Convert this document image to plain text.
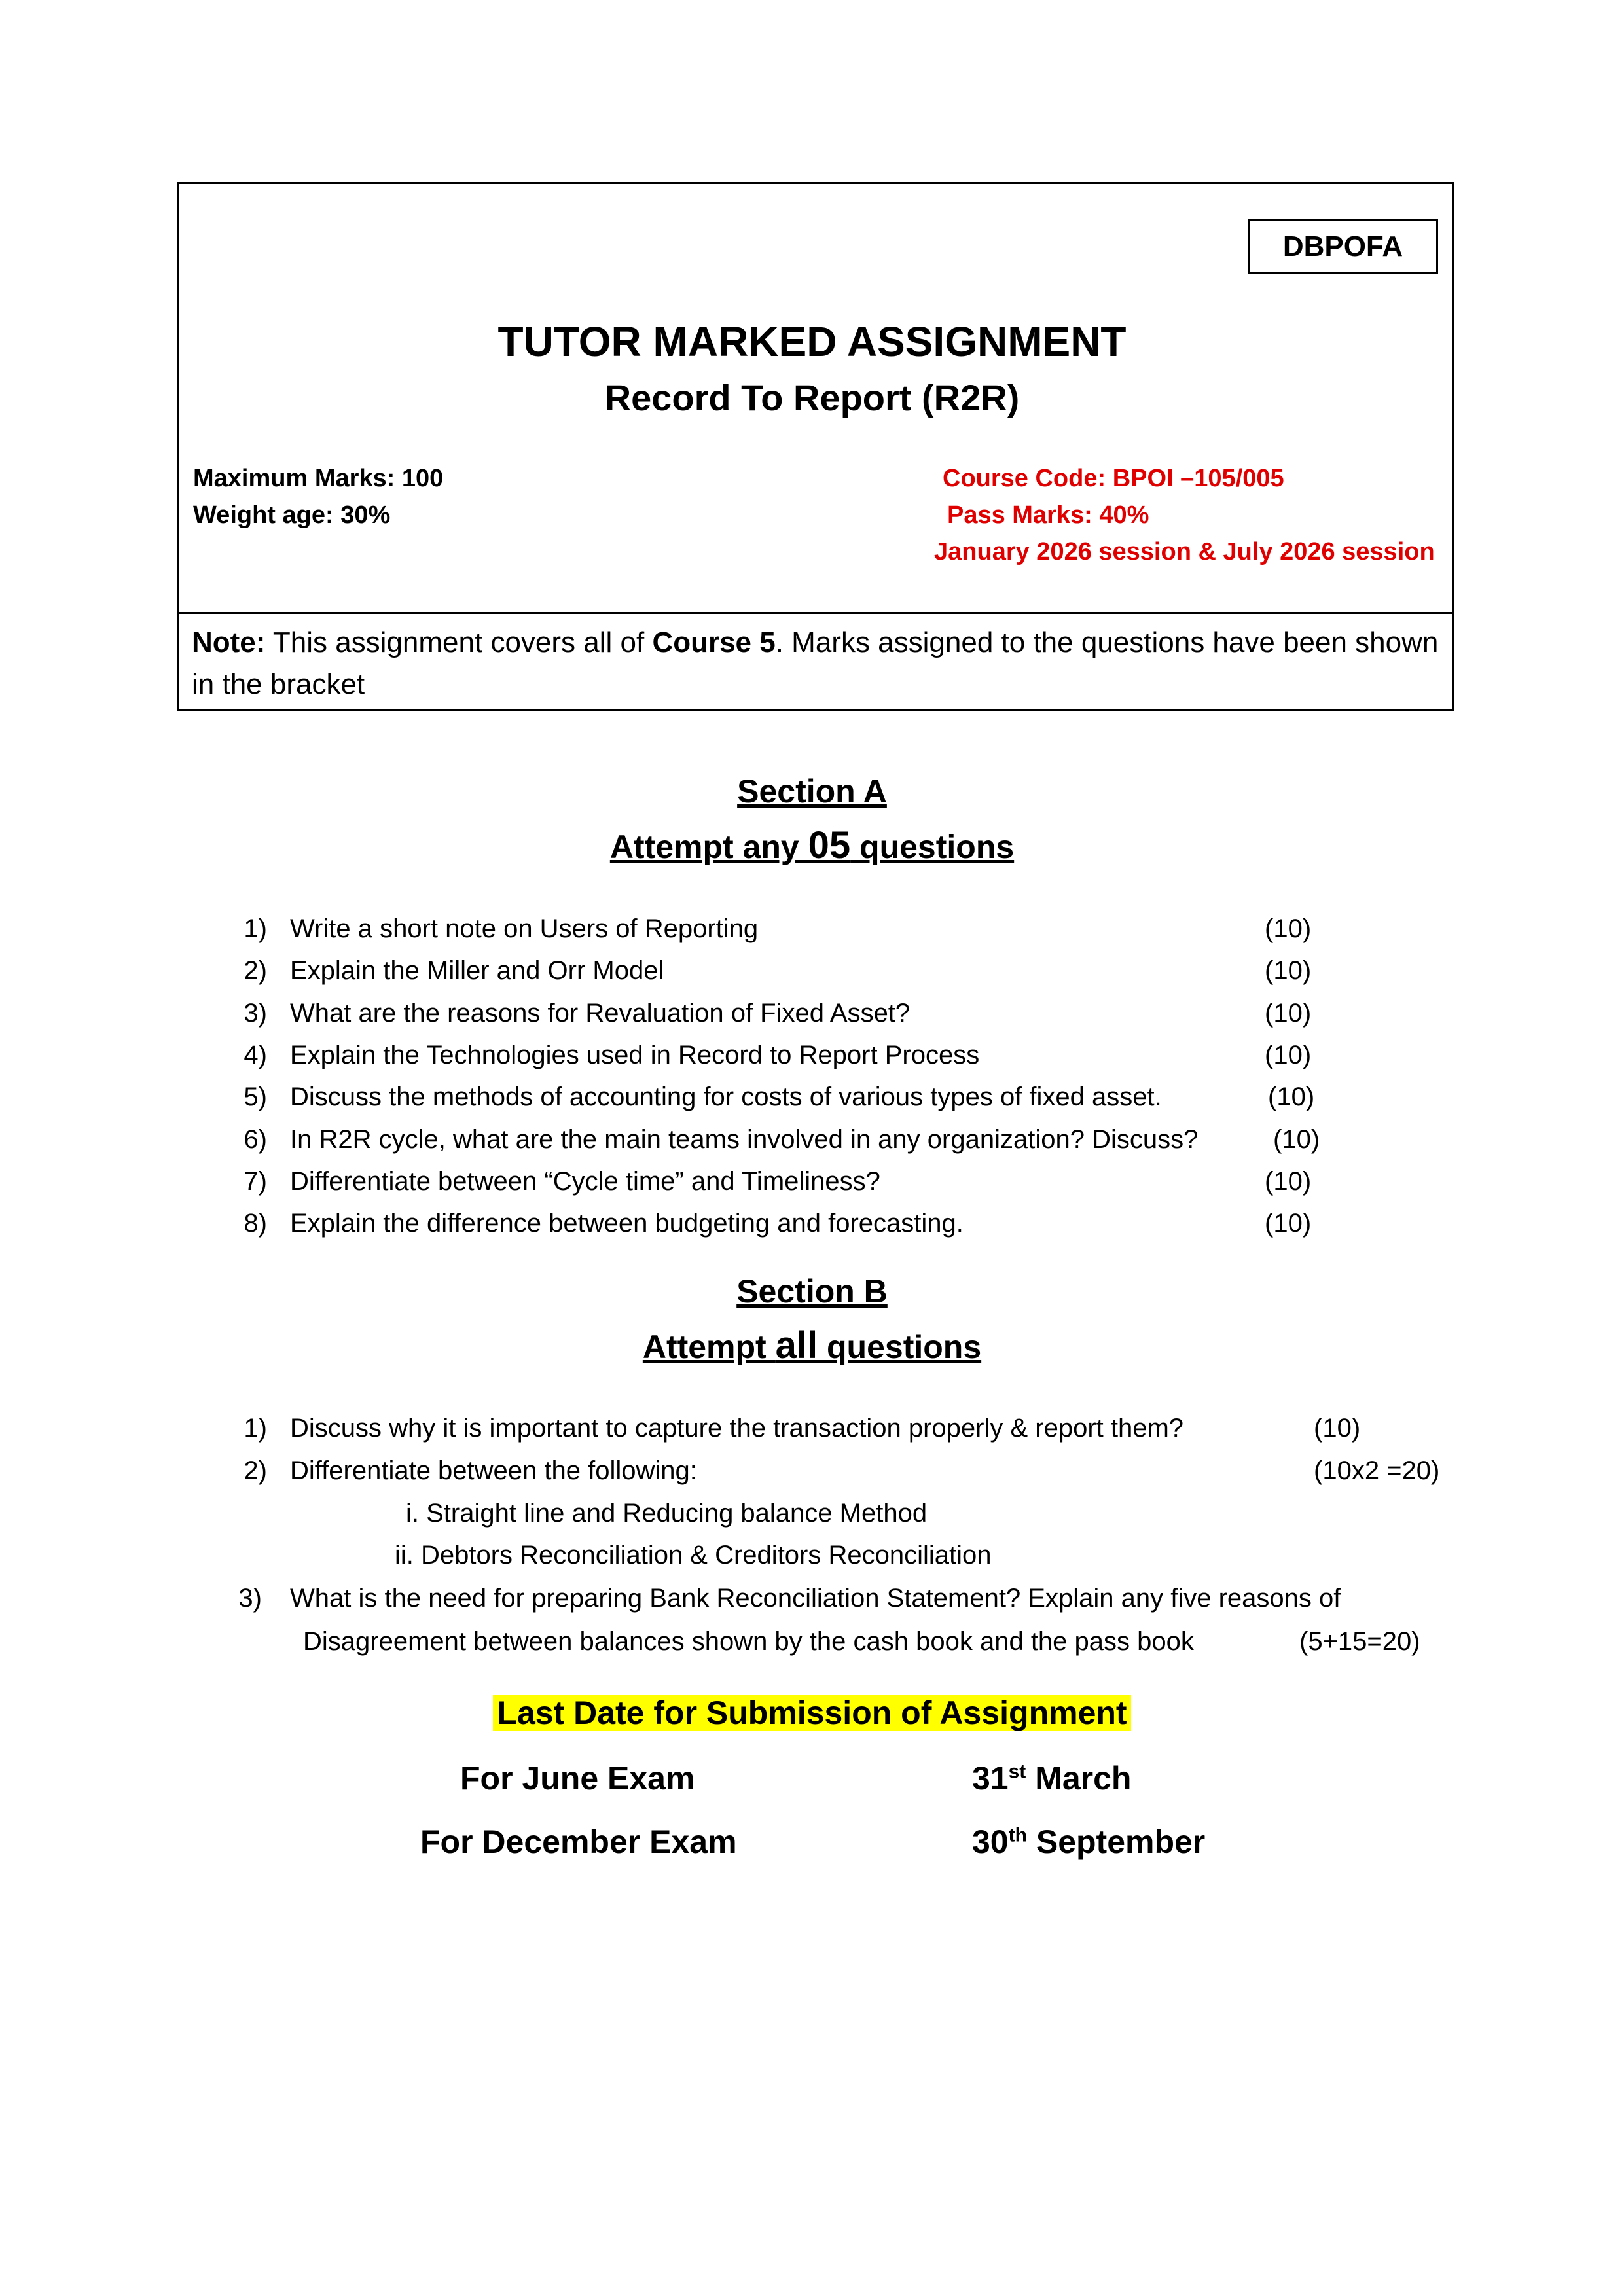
DBPOFA
TUTOR MARKED ASSIGNMENT
Record To Report (R2R)
Maximum Marks: 100
Weight age: 30%
Course Code: BPOI –105/005
Pass Marks: 40%
January 2026 session & July 2026 session
Note: This assignment covers all of Course 5. Marks assigned to the questions have been shown in the bracket
Section A
Attempt any 05 questions
1) Write a short note on Users of Reporting	(10)
2) Explain the Miller and Orr Model	(10)
3) What are the reasons for Revaluation of Fixed Asset?	(10)
4) Explain the Technologies used in Record to Report Process	(10)
5) Discuss the methods of accounting for costs of various types of fixed asset.	(10)
6) In R2R cycle, what are the main teams involved in any organization? Discuss?	(10)
7) Differentiate between “Cycle time” and Timeliness?	(10)
8) Explain the difference between budgeting and forecasting.	(10)
Section B
Attempt all questions
1) Discuss why it is important to capture the transaction properly & report them?	(10)
2) Differentiate between the following:	(10x2 =20)
i. Straight line and Reducing balance Method
ii. Debtors Reconciliation & Creditors Reconciliation
3) What is the need for preparing Bank Reconciliation Statement? Explain any five reasons of
Disagreement between balances shown by the cash book and the pass book	(5+15=20)
Last Date for Submission of Assignment
For June Exam	31st March
For December Exam	30th September
